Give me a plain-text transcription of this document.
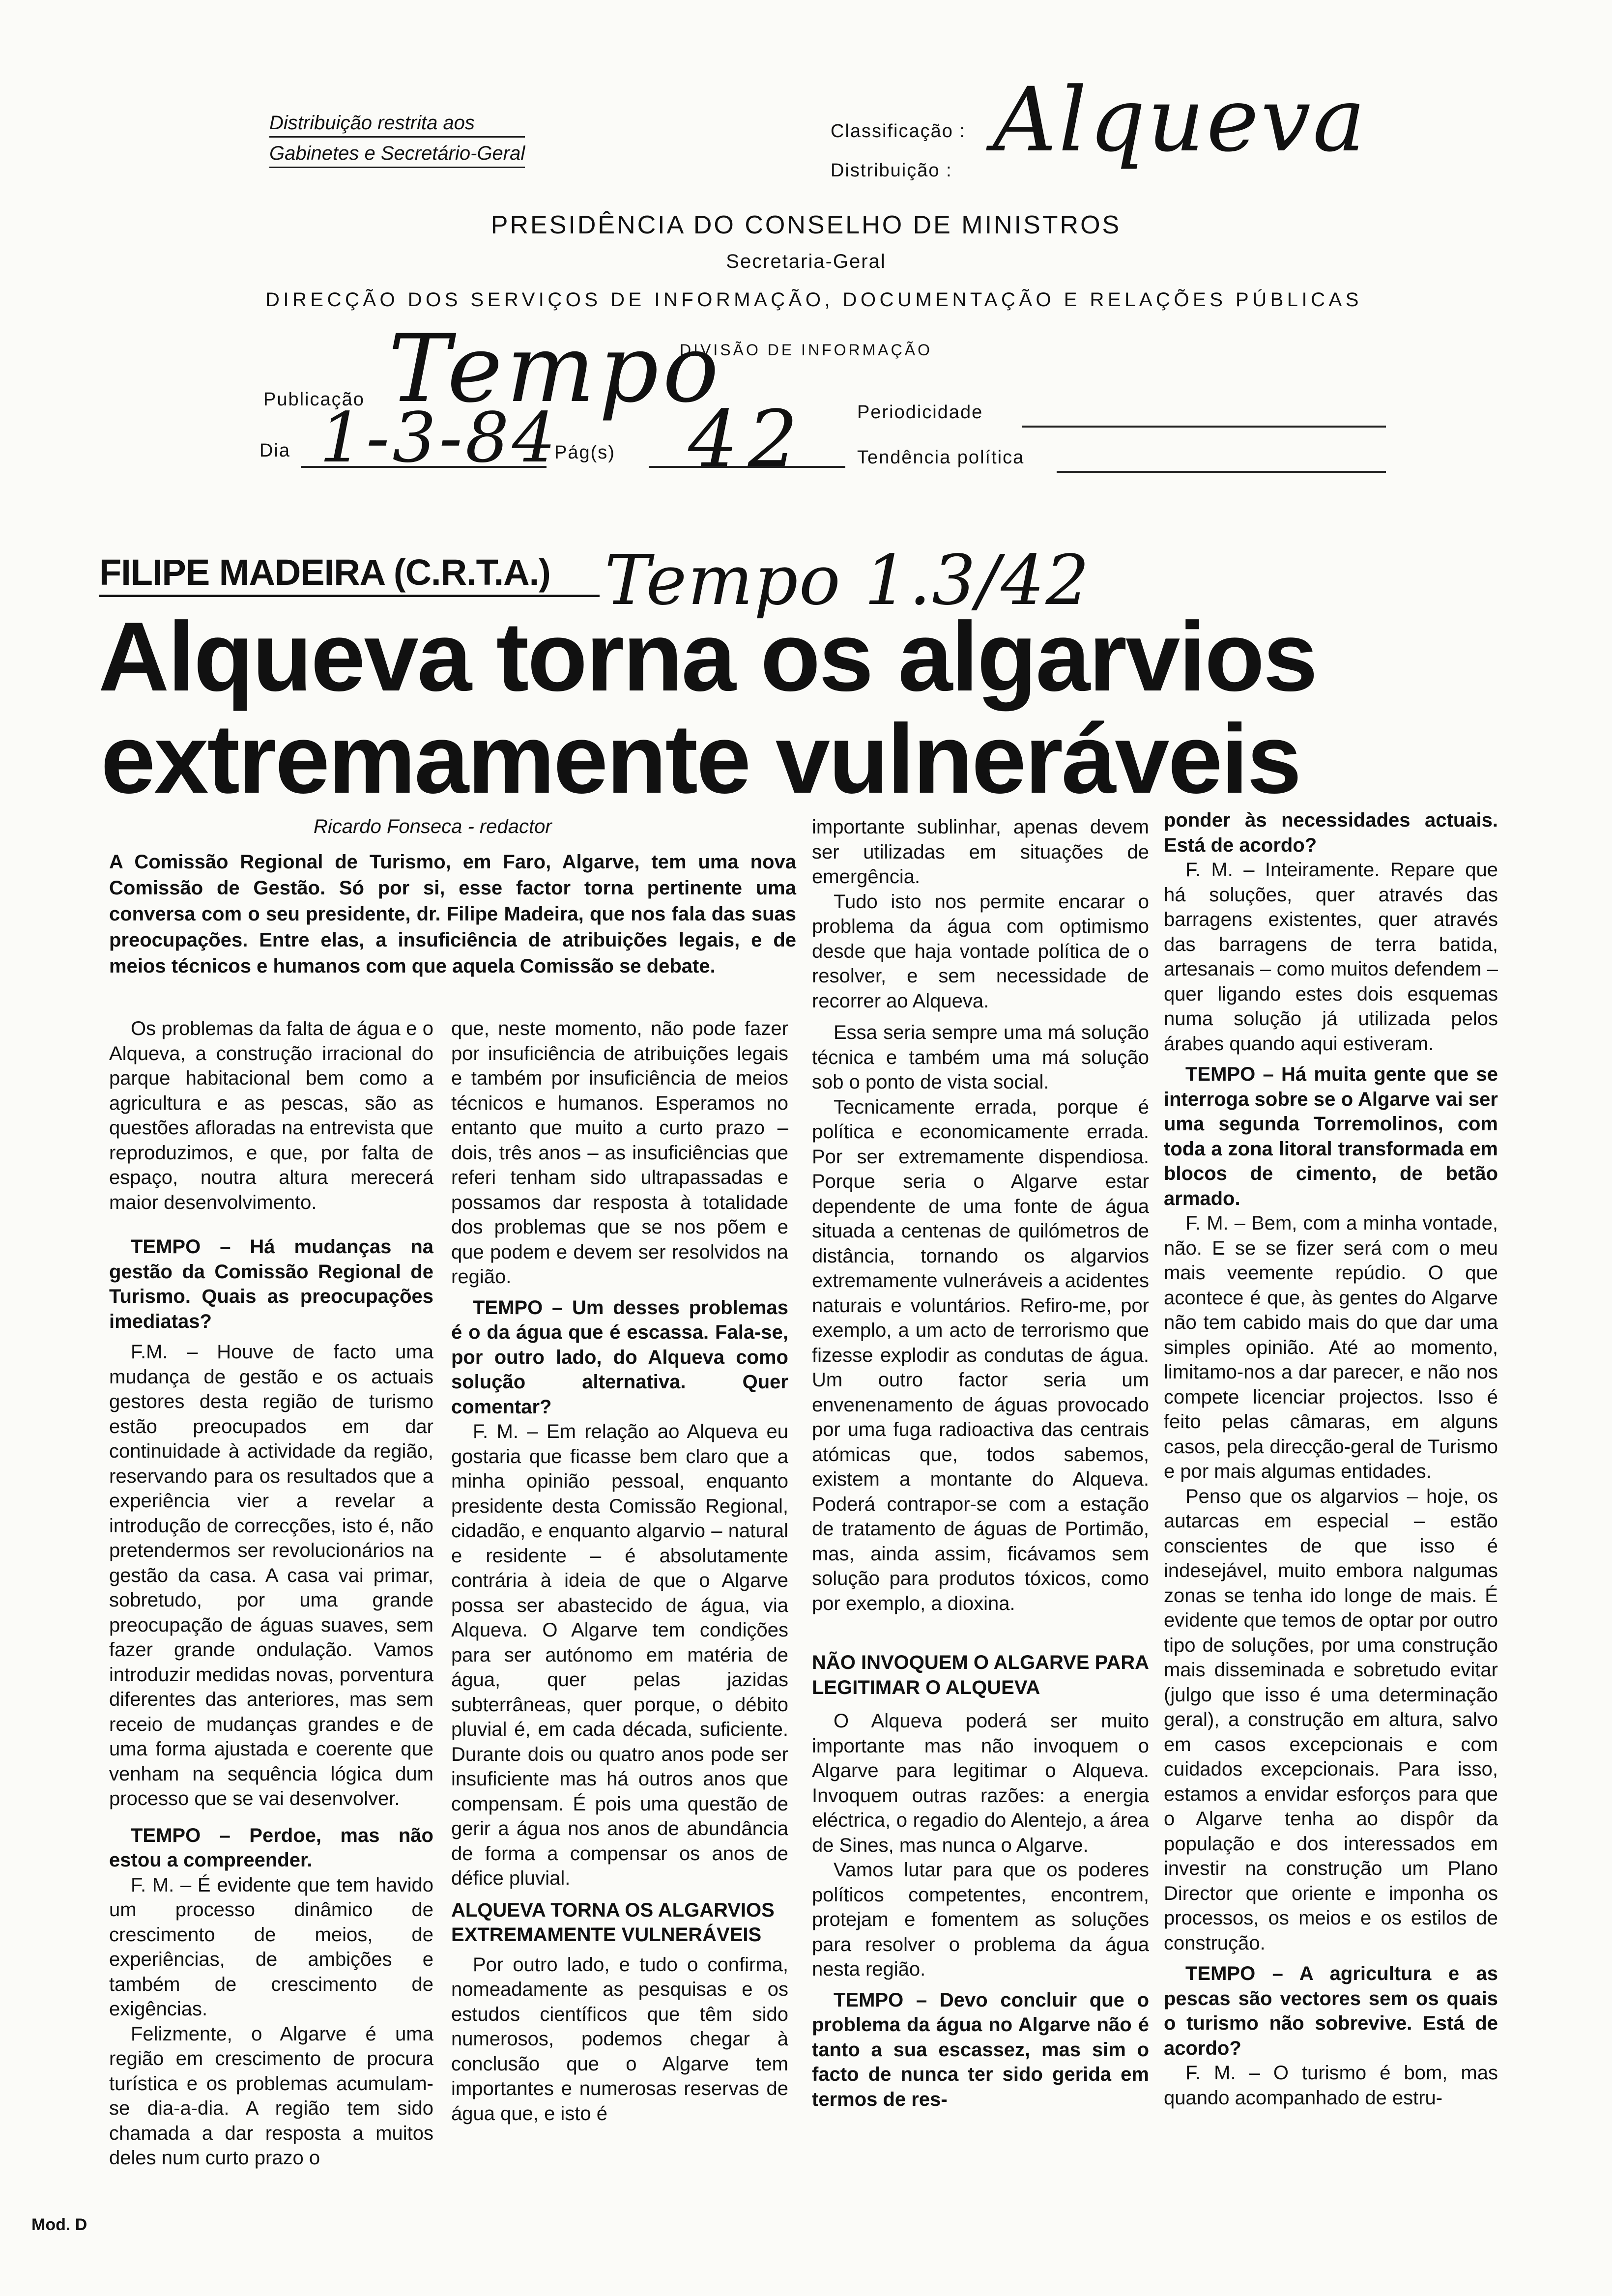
Distribuição restrita aos
Gabinetes e Secretário-Geral
Classificação :
Distribuição : Alqueva
PRESIDÊNCIA DO CONSELHO DE MINISTROS
Secretaria-Geral
DIRECÇÃO DOS SERVIÇOS DE INFORMAÇÃO, DOCUMENTAÇÃO E RELAÇÕES PÚBLICAS
DIVISÃO DE INFORMAÇÃO
Publicação Tempo	Periodicidade
Dia 1-3-84
Pág(s) 42	Tendência política
FILIPE MADEIRA (C.R.T.A.) Tempo 1.3/42
Alqueva torna os algarvios
extremamente vulneráveis
Ricardo Fonseca - redactor
A Comissão Regional de Turismo, em Faro, Algarve, tem uma nova Comissão de Gestão. Só por si, esse factor torna pertinente uma conversa com o seu presidente, dr. Filipe Madeira, que nos fala das suas preocupações. Entre elas, a insuficiência de atribuições legais, e de meios técnicos e humanos com que aquela Comissão se debate.

Os problemas da falta de água e o Alqueva, a construção irracional do parque habitacional bem como a agricultura e as pescas, são as questões afloradas na entrevista que reproduzimos, e que, por falta de espaço, noutra altura merecerá maior desenvolvimento.

TEMPO – Há mudanças na gestão da Comissão Regional de Turismo. Quais as preocupações imediatas?

F.M. – Houve de facto uma mudança de gestão e os actuais gestores desta região de turismo estão preocupados em dar continuidade à actividade da região, reservando para os resultados que a experiência vier a revelar a introdução de correcções, isto é, não pretendermos ser revolucionários na gestão da casa. A casa vai primar, sobretudo, por uma grande preocupação de águas suaves, sem fazer grande ondulação. Vamos introduzir medidas novas, porventura diferentes das anteriores, mas sem receio de mudanças grandes e de uma forma ajustada e coerente que venham na sequência lógica dum processo que se vai desenvolver.

TEMPO – Perdoe, mas não estou a compreender.

F. M. – É evidente que tem havido um processo dinâmico de crescimento de meios, de experiências, de ambições e também de crescimento de exigências.

Felizmente, o Algarve é uma região em crescimento de procura turística e os problemas acumulam-se dia-a-dia. A região tem sido chamada a dar resposta a muitos deles num curto prazo o

que, neste momento, não pode fazer por insuficiência de atribuições legais e também por insuficiência de meios técnicos e humanos. Esperamos no entanto que muito a curto prazo – dois, três anos – as insuficiências que referi tenham sido ultrapassadas e possamos dar resposta à totalidade dos problemas que se nos põem e que podem e devem ser resolvidos na região.

TEMPO – Um desses problemas é o da água que é escassa. Fala-se, por outro lado, do Alqueva como solução alternativa. Quer comentar?

F. M. – Em relação ao Alqueva eu gostaria que ficasse bem claro que a minha opinião pessoal, enquanto presidente desta Comissão Regional, cidadão, e enquanto algarvio – natural e residente – é absolutamente contrária à ideia de que o Algarve possa ser abastecido de água, via Alqueva. O Algarve tem condições para ser autónomo em matéria de água, quer pelas jazidas subterrâneas, quer porque, o débito pluvial é, em cada década, suficiente. Durante dois ou quatro anos pode ser insuficiente mas há outros anos que compensam. É pois uma questão de gerir a água nos anos de abundância de forma a compensar os anos de défice pluvial.

ALQUEVA TORNA OS ALGARVIOS EXTREMAMENTE VULNERÁVEIS

Por outro lado, e tudo o confirma, nomeadamente as pesquisas e os estudos científicos que têm sido numerosos, podemos chegar à conclusão que o Algarve tem importantes e numerosas reservas de água que, e isto é

importante sublinhar, apenas devem ser utilizadas em situações de emergência.

Tudo isto nos permite encarar o problema da água com optimismo desde que haja vontade política de o resolver, e sem necessidade de recorrer ao Alqueva.

Essa seria sempre uma má solução técnica e também uma má solução sob o ponto de vista social.

Tecnicamente errada, porque é política e economicamente errada. Por ser extremamente dispendiosa. Porque seria o Algarve estar dependente de uma fonte de água situada a centenas de quilómetros de distância, tornando os algarvios extremamente vulneráveis a acidentes naturais e voluntários. Refiro-me, por exemplo, a um acto de terrorismo que fizesse explodir as condutas de água. Um outro factor seria um envenenamento de águas provocado por uma fuga radioactiva das centrais atómicas que, todos sabemos, existem a montante do Alqueva. Poderá contrapor-se com a estação de tratamento de águas de Portimão, mas, ainda assim, ficávamos sem solução para produtos tóxicos, como por exemplo, a dioxina.

NÃO INVOQUEM O ALGARVE PARA LEGITIMAR O ALQUEVA

O Alqueva poderá ser muito importante mas não invoquem o Algarve para legitimar o Alqueva. Invoquem outras razões: a energia eléctrica, o regadio do Alentejo, a área de Sines, mas nunca o Algarve.

Vamos lutar para que os poderes políticos competentes, encontrem, protejam e fomentem as soluções para resolver o problema da água nesta região.

TEMPO – Devo concluir que o problema da água no Algarve não é tanto a sua escassez, mas sim o facto de nunca ter sido gerida em termos de res-

ponder às necessidades actuais. Está de acordo?

F. M. – Inteiramente. Repare que há soluções, quer através das barragens existentes, quer através das barragens de terra batida, artesanais – como muitos defendem – quer ligando estes dois esquemas numa solução já utilizada pelos árabes quando aqui estiveram.

TEMPO – Há muita gente que se interroga sobre se o Algarve vai ser uma segunda Torremolinos, com toda a zona litoral transformada em blocos de cimento, de betão armado.

F. M. – Bem, com a minha vontade, não. E se se fizer será com o meu mais veemente repúdio. O que acontece é que, às gentes do Algarve não tem cabido mais do que dar uma simples opinião. Até ao momento, limitamo-nos a dar parecer, e não nos compete licenciar projectos. Isso é feito pelas câmaras, em alguns casos, pela direcção-geral de Turismo e por mais algumas entidades.

Penso que os algarvios – hoje, os autarcas em especial – estão conscientes de que isso é indesejável, muito embora nalgumas zonas se tenha ido longe de mais. É evidente que temos de optar por outro tipo de soluções, por uma construção mais disseminada e sobretudo evitar (julgo que isso é uma determinação geral), a construção em altura, salvo em casos excepcionais e com cuidados excepcionais. Para isso, estamos a envidar esforços para que o Algarve tenha ao dispôr da população e dos interessados em investir na construção um Plano Director que oriente e imponha os processos, os meios e os estilos de construção.

TEMPO – A agricultura e as pescas são vectores sem os quais o turismo não sobrevive. Está de acordo?

F. M. – O turismo é bom, mas quando acompanhado de estru-

Mod. D
